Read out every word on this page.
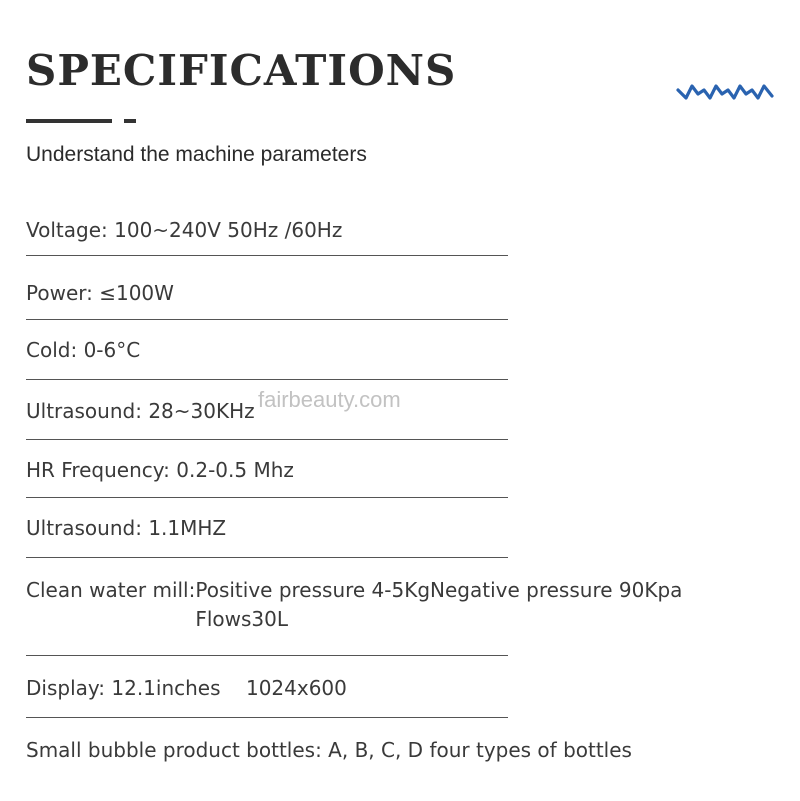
SPECIFICATIONS

Understand the machine parameters

Voltage: 100~240V 50Hz /60Hz
Power: ≤100W
Cold: 0-6°C
Ultrasound: 28~30KHz
HR Frequency: 0.2-0.5 Mhz
Ultrasound: 1.1MHZ
Clean water mill: Positive pressure 4-5KgNegative pressure 90Kpa
Flows30L
Display: 12.1inches    1024x600
Small bubble product bottles: A, B, C, D four types of bottles
fairbeauty.com
